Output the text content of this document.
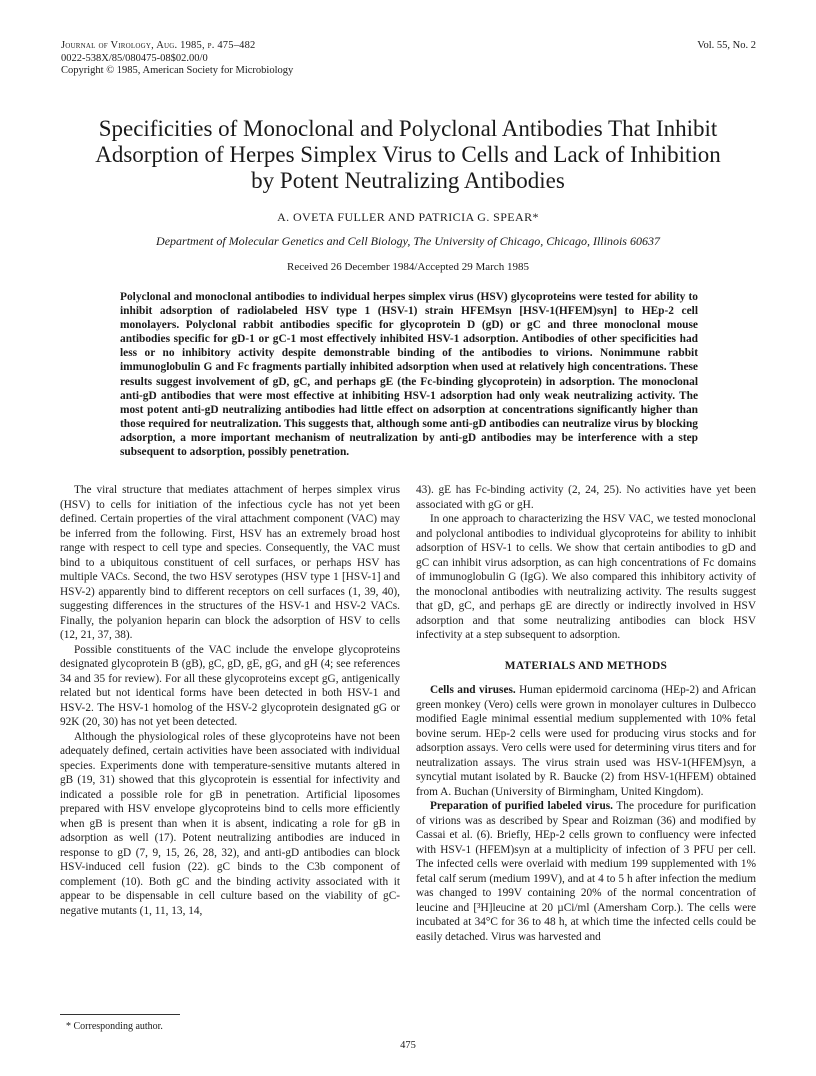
Journal of Virology, Aug. 1985, p. 475–482
0022-538X/85/080475-08$02.00/0
Copyright © 1985, American Society for Microbiology
Vol. 55, No. 2
Specificities of Monoclonal and Polyclonal Antibodies That Inhibit
Adsorption of Herpes Simplex Virus to Cells and Lack of Inhibition
by Potent Neutralizing Antibodies
A. OVETA FULLER AND PATRICIA G. SPEAR*
Department of Molecular Genetics and Cell Biology, The University of Chicago, Chicago, Illinois 60637
Received 26 December 1984/Accepted 29 March 1985

Polyclonal and monoclonal antibodies to individual herpes simplex virus (HSV) glycoproteins were tested for ability to inhibit adsorption of radiolabeled HSV type 1 (HSV-1) strain HFEMsyn [HSV-1(HFEM)syn] to HEp-2 cell monolayers. Polyclonal rabbit antibodies specific for glycoprotein D (gD) or gC and three monoclonal mouse antibodies specific for gD-1 or gC-1 most effectively inhibited HSV-1 adsorption. Antibodies of other specificities had less or no inhibitory activity despite demonstrable binding of the antibodies to virions. Nonimmune rabbit immunoglobulin G and Fc fragments partially inhibited adsorption when used at relatively high concentrations. These results suggest involvement of gD, gC, and perhaps gE (the Fc-binding glycoprotein) in adsorption. The monoclonal anti-gD antibodies that were most effective at inhibiting HSV-1 adsorption had only weak neutralizing activity. The most potent anti-gD neutralizing antibodies had little effect on adsorption at concentrations significantly higher than those required for neutralization. This suggests that, although some anti-gD antibodies can neutralize virus by blocking adsorption, a more important mechanism of neutralization by anti-gD antibodies may be interference with a step subsequent to adsorption, possibly penetration.

The viral structure that mediates attachment of herpes simplex virus (HSV) to cells for initiation of the infectious cycle has not yet been defined. Certain properties of the viral attachment component (VAC) may be inferred from the following. First, HSV has an extremely broad host range with respect to cell type and species. Consequently, the VAC must bind to a ubiquitous constituent of cell surfaces, or perhaps HSV has multiple VACs. Second, the two HSV serotypes (HSV type 1 [HSV-1] and HSV-2) apparently bind to different receptors on cell surfaces (1, 39, 40), suggesting differences in the structures of the HSV-1 and HSV-2 VACs. Finally, the polyanion heparin can block the adsorption of HSV to cells (12, 21, 37, 38).

Possible constituents of the VAC include the envelope glycoproteins designated glycoprotein B (gB), gC, gD, gE, gG, and gH (4; see references 34 and 35 for review). For all these glycoproteins except gG, antigenically related but not identical forms have been detected in both HSV-1 and HSV-2. The HSV-1 homolog of the HSV-2 glycoprotein designated gG or 92K (20, 30) has not yet been detected.

Although the physiological roles of these glycoproteins have not been adequately defined, certain activities have been associated with individual species. Experiments done with temperature-sensitive mutants altered in gB (19, 31) showed that this glycoprotein is essential for infectivity and indicated a possible role for gB in penetration. Artificial liposomes prepared with HSV envelope glycoproteins bind to cells more efficiently when gB is present than when it is absent, indicating a role for gB in adsorption as well (17). Potent neutralizing antibodies are induced in response to gD (7, 9, 15, 26, 28, 32), and anti-gD antibodies can block HSV-induced cell fusion (22). gC binds to the C3b component of complement (10). Both gC and the binding activity associated with it appear to be dispensable in cell culture based on the viability of gC-negative mutants (1, 11, 13, 14,

43). gE has Fc-binding activity (2, 24, 25). No activities have yet been associated with gG or gH.

In one approach to characterizing the HSV VAC, we tested monoclonal and polyclonal antibodies to individual glycoproteins for ability to inhibit adsorption of HSV-1 to cells. We show that certain antibodies to gD and gC can inhibit virus adsorption, as can high concentrations of Fc domains of immunoglobulin G (IgG). We also compared this inhibitory activity of the monoclonal antibodies with neutralizing activity. The results suggest that gD, gC, and perhaps gE are directly or indirectly involved in HSV adsorption and that some neutralizing antibodies can block HSV infectivity at a step subsequent to adsorption.

MATERIALS AND METHODS

Cells and viruses. Human epidermoid carcinoma (HEp-2) and African green monkey (Vero) cells were grown in monolayer cultures in Dulbecco modified Eagle minimal essential medium supplemented with 10% fetal bovine serum. HEp-2 cells were used for producing virus stocks and for adsorption assays. Vero cells were used for determining virus titers and for neutralization assays. The virus strain used was HSV-1(HFEM)syn, a syncytial mutant isolated by R. Baucke (2) from HSV-1(HFEM) obtained from A. Buchan (University of Birmingham, United Kingdom).

Preparation of purified labeled virus. The procedure for purification of virions was as described by Spear and Roizman (36) and modified by Cassai et al. (6). Briefly, HEp-2 cells grown to confluency were infected with HSV-1 (HFEM)syn at a multiplicity of infection of 3 PFU per cell. The infected cells were overlaid with medium 199 supplemented with 1% fetal calf serum (medium 199V), and at 4 to 5 h after infection the medium was changed to 199V containing 20% of the normal concentration of leucine and [³H]leucine at 20 µCi/ml (Amersham Corp.). The cells were incubated at 34°C for 36 to 48 h, at which time the infected cells could be easily detached. Virus was harvested and

* Corresponding author.
475
